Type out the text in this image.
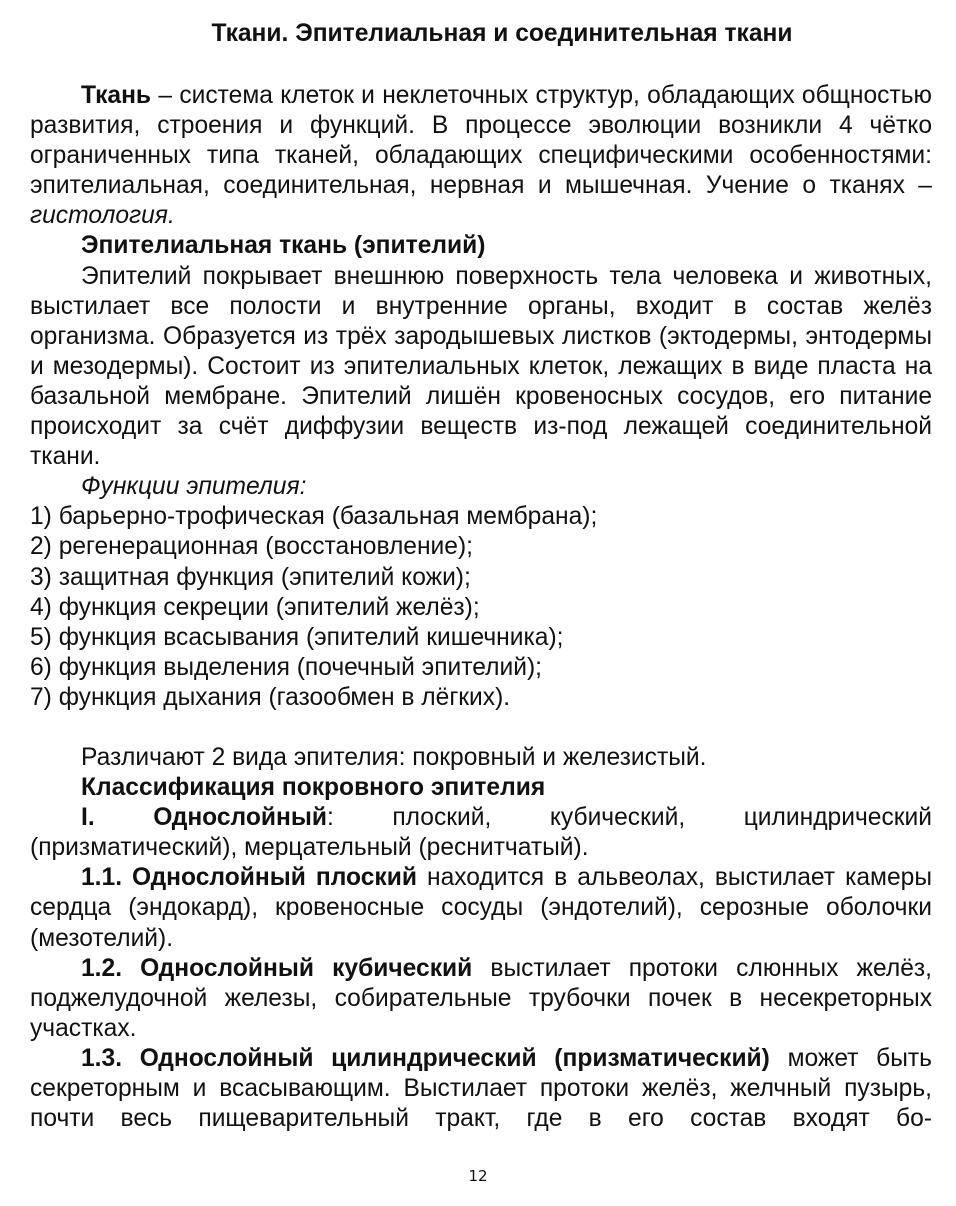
Ткани. Эпителиальная и соединительная ткани

Ткань – система клеток и неклеточных структур, обладающих общностью развития, строения и функций. В процессе эволюции возникли 4 чётко ограниченных типа тканей, обладающих специфическими особенностями: эпителиальная, соединительная, нервная и мышечная. Учение о тканях – гистология.

Эпителиальная ткань (эпителий)

Эпителий покрывает внешнюю поверхность тела человека и животных, выстилает все полости и внутренние органы, входит в состав желёз организма. Образуется из трёх зародышевых листков (эктодермы, энтодермы и мезодермы). Состоит из эпителиальных клеток, лежащих в виде пласта на базальной мембране. Эпителий лишён кровеносных сосудов, его питание происходит за счёт диффузии веществ из-под лежащей соединительной ткани.

Функции эпителия:

1) барьерно-трофическая (базальная мембрана);
2) регенерационная (восстановление);
3) защитная функция (эпителий кожи);
4) функция секреции (эпителий желёз);
5) функция всасывания (эпителий кишечника);
6) функция выделения (почечный эпителий);
7) функция дыхания (газообмен в лёгких).

Различают 2 вида эпителия: покровный и железистый.

Классификация покровного эпителия

I. Однослойный: плоский, кубический, цилиндрический (призматический), мерцательный (реснитчатый).

1.1. Однослойный плоский находится в альвеолах, выстилает камеры сердца (эндокард), кровеносные сосуды (эндотелий), серозные оболочки (мезотелий).

1.2. Однослойный кубический выстилает протоки слюнных желёз, поджелудочной железы, собирательные трубочки почек в несекреторных участках.

1.3. Однослойный цилиндрический (призматический) может быть секреторным и всасывающим. Выстилает протоки желёз, желчный пузырь, почти весь пищеварительный тракт, где в его состав входят бо-

12
